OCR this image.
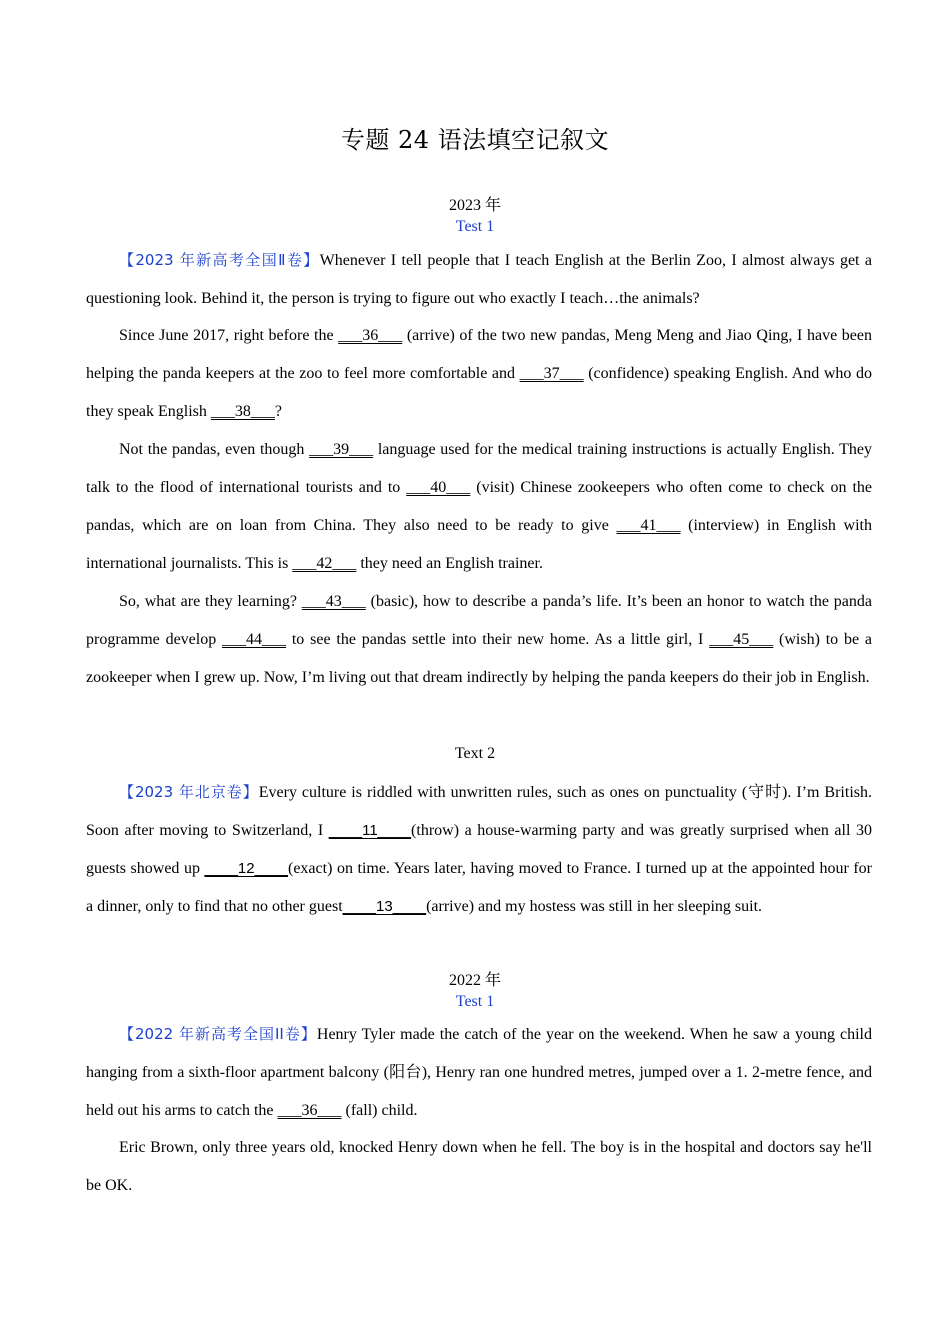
专题 24 语法填空记叙文
2023 年
Test 1

【2023 年新高考全国Ⅱ卷】Whenever I tell people that I teach English at the Berlin Zoo, I almost always get a questioning look. Behind it, the person is trying to figure out who exactly I teach…the animals?

Since June 2017, right before the ___36___ (arrive) of the two new pandas, Meng Meng and Jiao Qing, I have been helping the panda keepers at the zoo to feel more comfortable and ___37___ (confidence) speaking English. And who do they speak English ___38___?

Not the pandas, even though ___39___ language used for the medical training instructions is actually English. They talk to the flood of international tourists and to ___40___ (visit) Chinese zookeepers who often come to check on the pandas, which are on loan from China. They also need to be ready to give ___41___ (interview) in English with international journalists. This is ___42___ they need an English trainer.

So, what are they learning? ___43___ (basic), how to describe a panda’s life. It’s been an honor to watch the panda programme develop ___44___ to see the pandas settle into their new home. As a little girl, I ___45___ (wish) to be a zookeeper when I grew up. Now, I’m living out that dream indirectly by helping the panda keepers do their job in English.

Text 2

【2023 年北京卷】Every culture is riddled with unwritten rules, such as ones on punctuality (守时). I’m British. Soon after moving to Switzerland, I ____11____(throw) a house-warming party and was greatly surprised when all 30 guests showed up ____12____(exact) on time. Years later, having moved to France. I turned up at the appointed hour for a dinner, only to find that no other guest____13____(arrive) and my hostess was still in her sleeping suit.

2022 年
Test 1

【2022 年新高考全国II卷】Henry Tyler made the catch of the year on the weekend. When he saw a young child hanging from a sixth-floor apartment balcony (阳台), Henry ran one hundred metres, jumped over a 1. 2-metre fence, and held out his arms to catch the ___36___ (fall) child.

Eric Brown, only three years old, knocked Henry down when he fell. The boy is in the hospital and doctors say he'll be OK.
